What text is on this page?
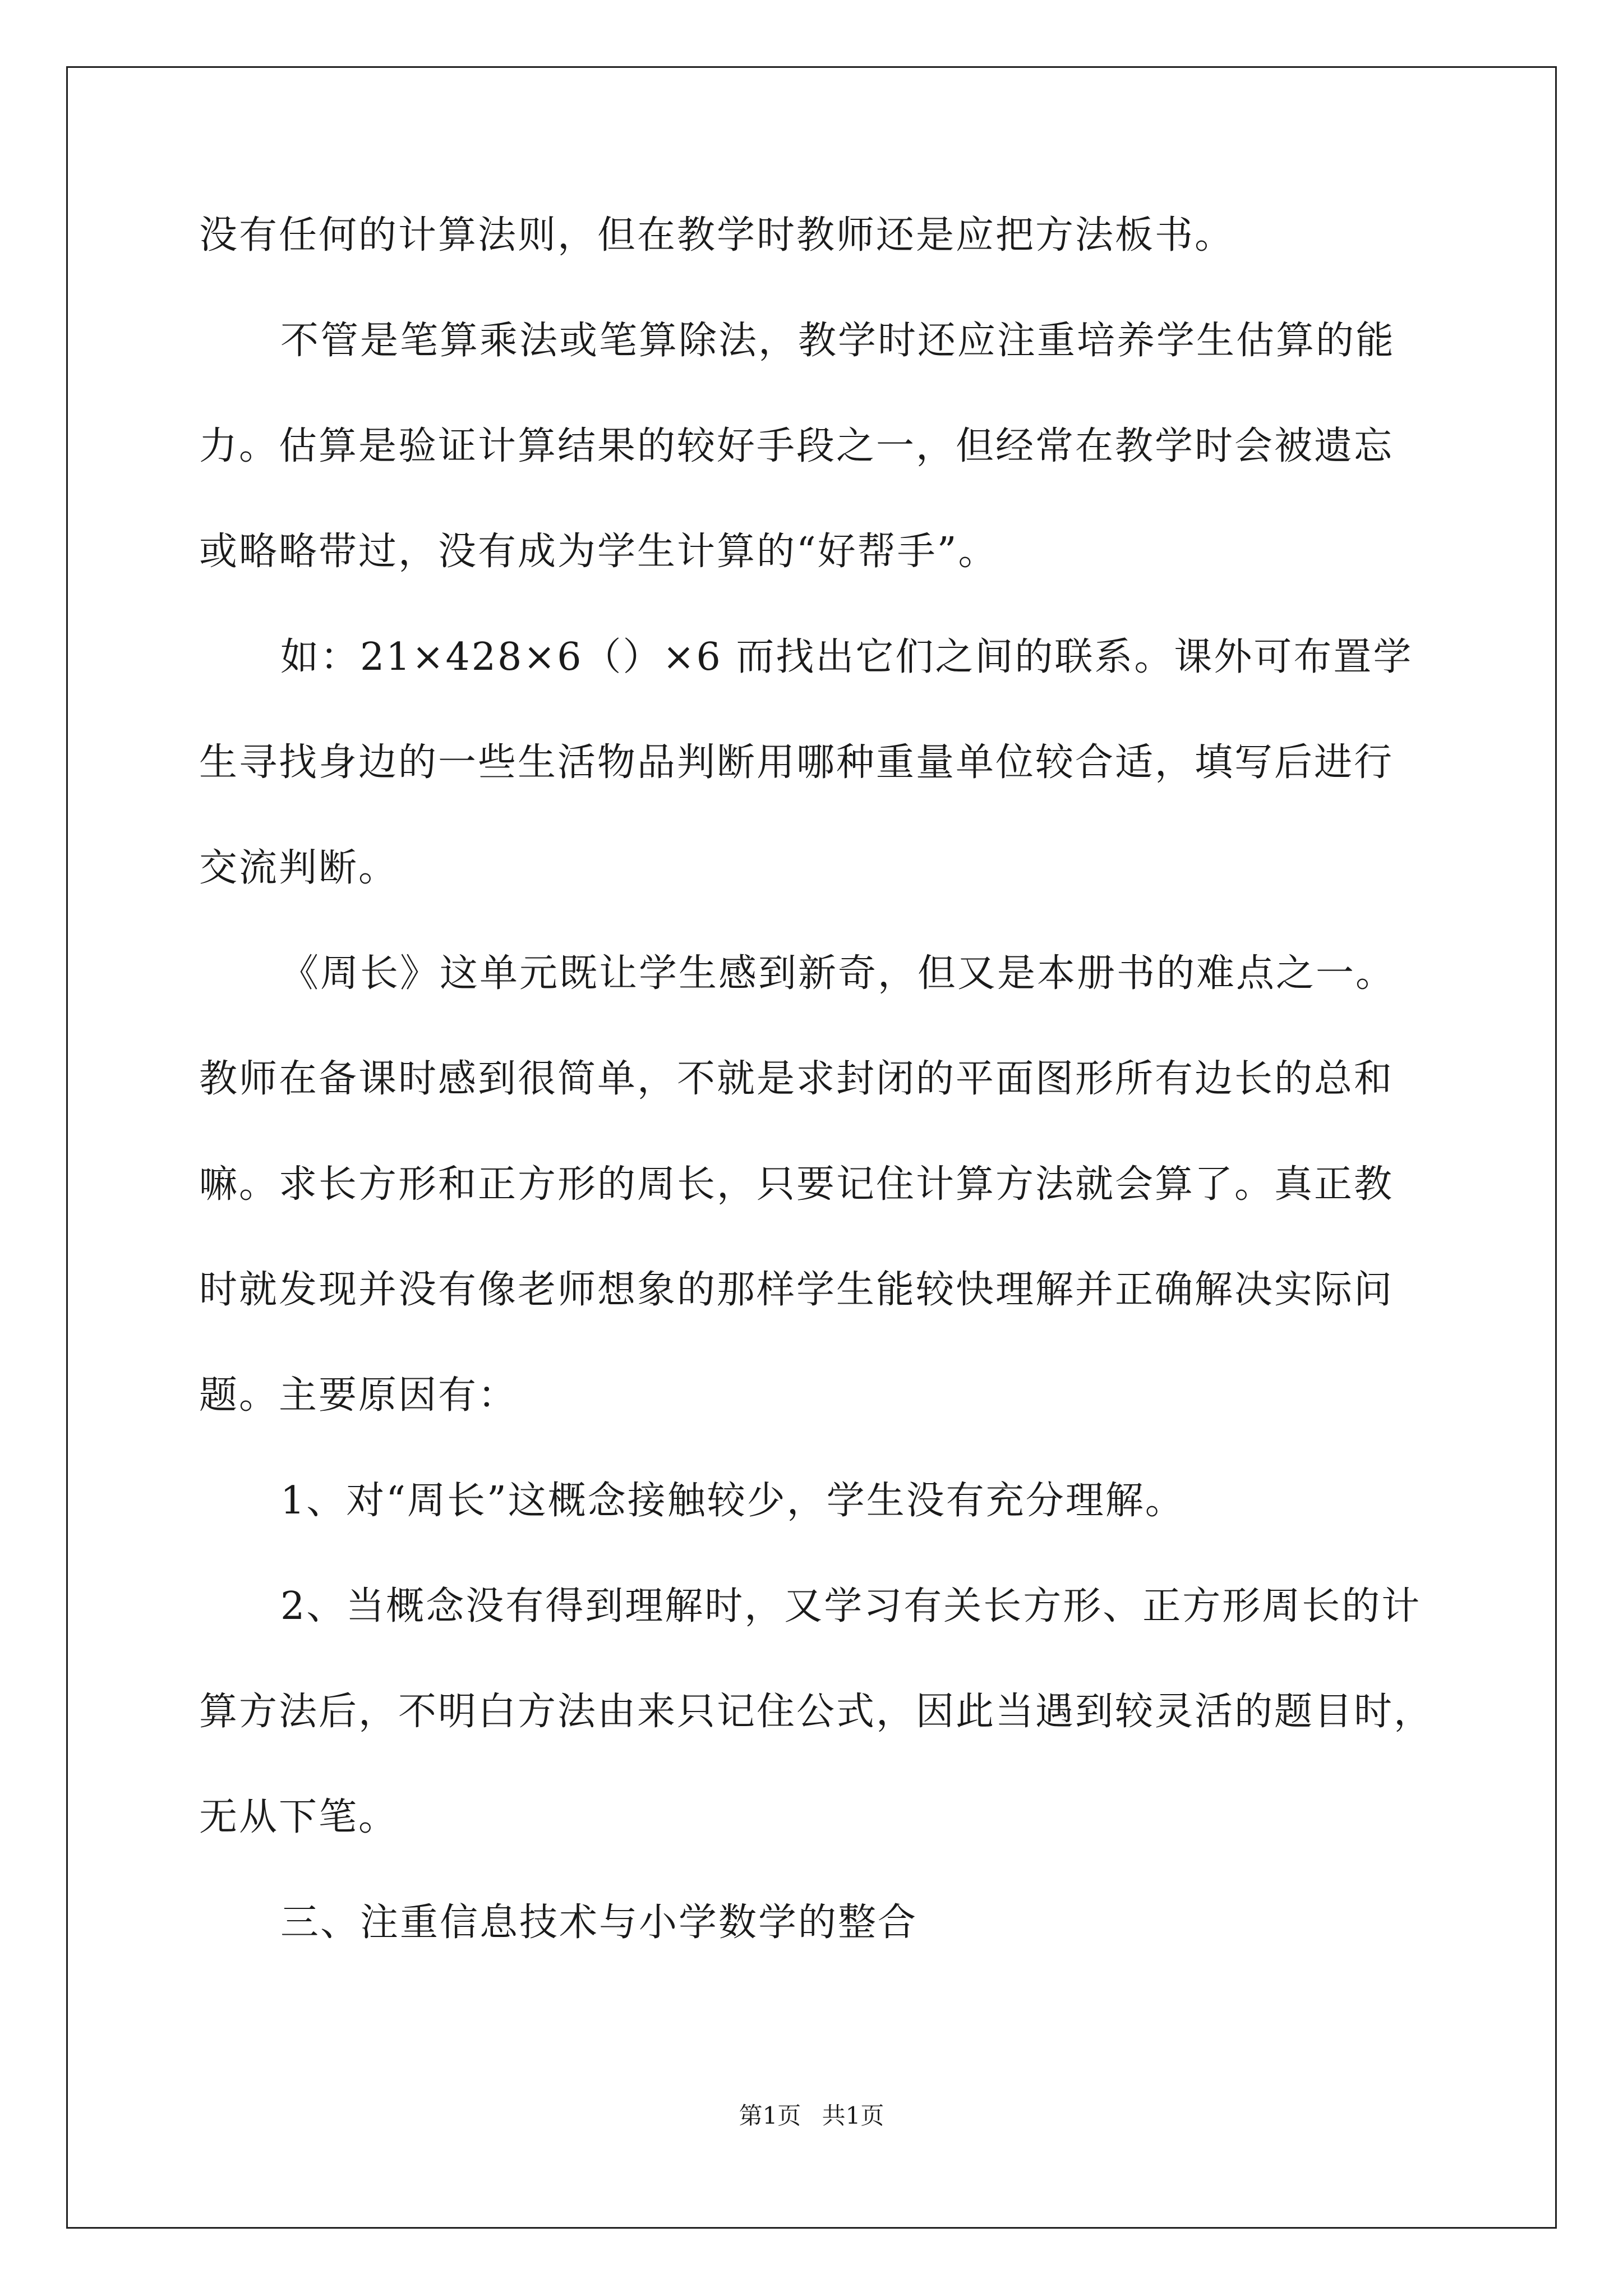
没有任何的计算法则，但在教学时教师还是应把方法板书。
不管是笔算乘法或笔算除法，教学时还应注重培养学生估算的能
力。估算是验证计算结果的较好手段之一，但经常在教学时会被遗忘
或略略带过，没有成为学生计算的“好帮手”。
如：21×428×6（）×6 而找出它们之间的联系。课外可布置学
生寻找身边的一些生活物品判断用哪种重量单位较合适，填写后进行
交流判断。
《周长》这单元既让学生感到新奇，但又是本册书的难点之一。
教师在备课时感到很简单，不就是求封闭的平面图形所有边长的总和
嘛。求长方形和正方形的周长，只要记住计算方法就会算了。真正教
时就发现并没有像老师想象的那样学生能较快理解并正确解决实际问
题。主要原因有：
1、对“周长”这概念接触较少，学生没有充分理解。
2、当概念没有得到理解时，又学习有关长方形、正方形周长的计
算方法后，不明白方法由来只记住公式，因此当遇到较灵活的题目时，
无从下笔。
三、注重信息技术与小学数学的整合
第1页 共1页
